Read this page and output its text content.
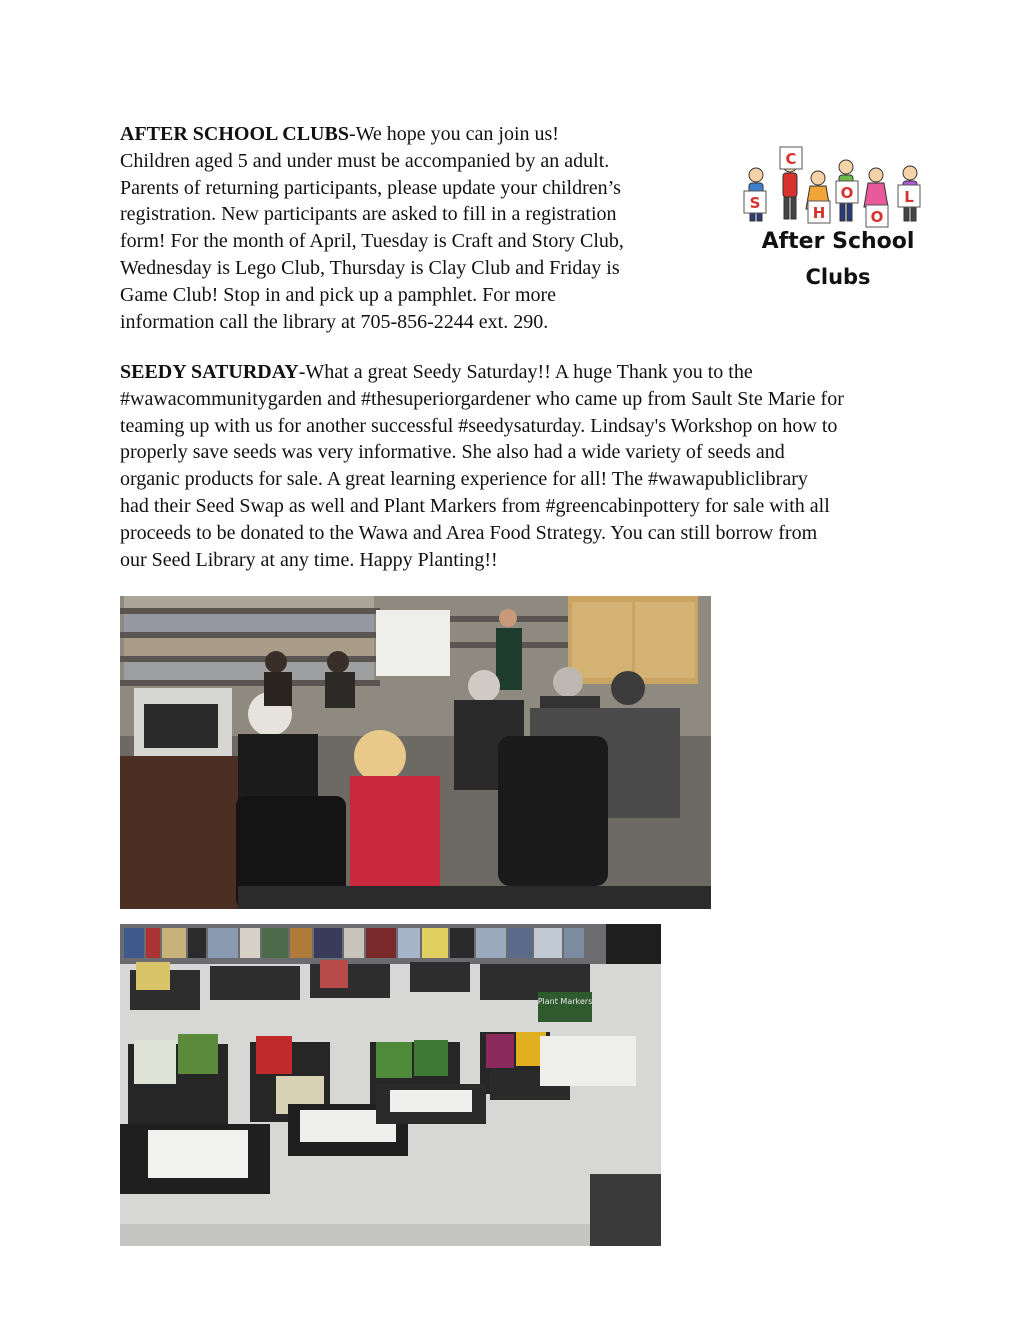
AFTER SCHOOL CLUBS-We hope you can join us!
Children aged 5 and under must be accompanied by an adult.
Parents of returning participants, please update your children’s
registration. New participants are asked to fill in a registration
form! For the month of April, Tuesday is Craft and Story Club,
Wednesday is Lego Club, Thursday is Clay Club and Friday is
Game Club! Stop in and pick up a pamphlet. For more
information call the library at 705-856-2244 ext. 290.
S
C
H
O
O
L
After School
Clubs
SEEDY SATURDAY-What a great Seedy Saturday!! A huge Thank you to the
#wawacommunitygarden and #thesuperiorgardener who came up from Sault Ste Marie for
teaming up with us for another successful #seedysaturday. Lindsay's Workshop on how to
properly save seeds was very informative. She also had a wide variety of seeds and
organic products for sale. A great learning experience for all! The #wawapubliclibrary
had their Seed Swap as well and Plant Markers from #greencabinpottery for sale with all
proceeds to be donated to the Wawa and Area Food Strategy. You can still borrow from
our Seed Library at any time. Happy Planting!!
Plant Markers
